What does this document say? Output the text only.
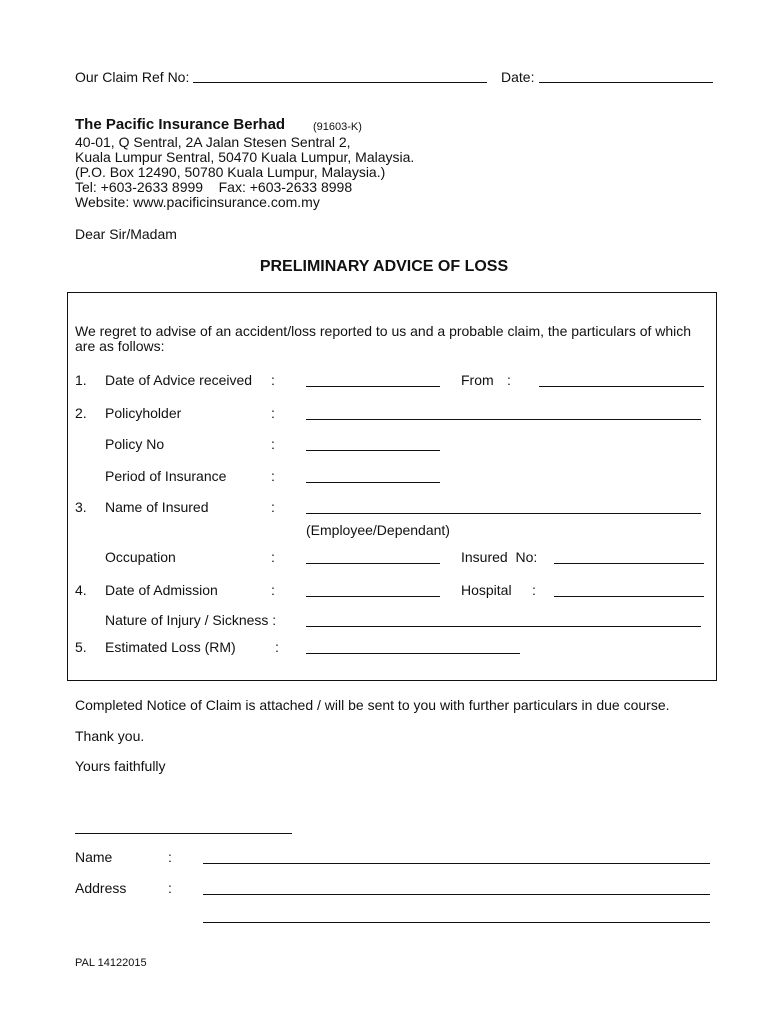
Our Claim Ref No:	Date:
The Pacific Insurance Berhad	(91603-K)
40-01, Q Sentral, 2A Jalan Stesen Sentral 2,
Kuala Lumpur Sentral, 50470 Kuala Lumpur, Malaysia.
(P.O. Box 12490, 50780 Kuala Lumpur, Malaysia.)
Tel: +603-2633 8999    Fax: +603-2633 8998
Website: www.pacificinsurance.com.my
Dear Sir/Madam
PRELIMINARY ADVICE OF LOSS
We regret to advise of an accident/loss reported to us and a probable claim, the particulars of which
are as follows:
1. Date of Advice received :	From :
2. Policyholder	:
Policy No	:
Period of Insurance	:
3. Name of Insured	:
(Employee/Dependant)
Occupation	:	Insured  No:
4. Date of Admission	:	Hospital :
Nature of Injury / Sickness :
5. Estimated Loss (RM)	:
Completed Notice of Claim is attached / will be sent to you with further particulars in due course.
Thank you.
Yours faithfully
Name	:
Address	:
PAL 14122015
